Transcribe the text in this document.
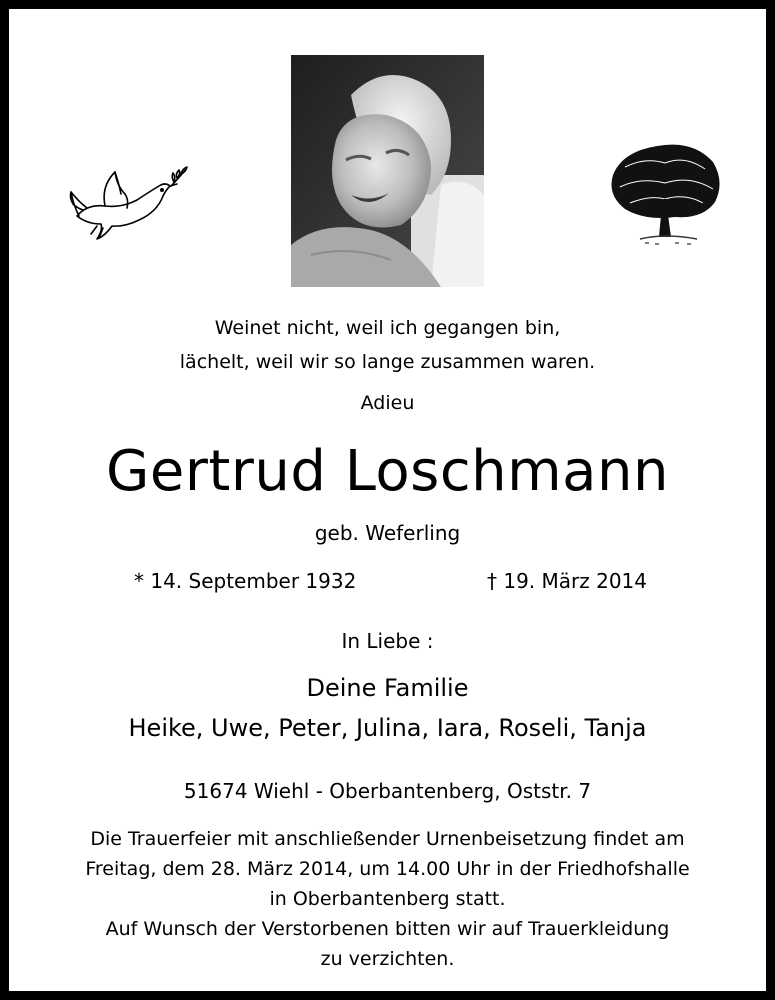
Weinet nicht, weil ich gegangen bin,
lächelt, weil wir so lange zusammen waren.
Adieu
Gertrud Loschmann
geb. Weferling
* 14. September 1932	† 19. März 2014
In Liebe :
Deine Familie
Heike, Uwe, Peter, Julina, Iara, Roseli, Tanja
51674 Wiehl - Oberbantenberg, Oststr. 7
Die Trauerfeier mit anschließender Urnenbeisetzung findet am
Freitag, dem 28. März 2014, um 14.00 Uhr in der Friedhofshalle
in Oberbantenberg statt.
Auf Wunsch der Verstorbenen bitten wir auf Trauerkleidung
zu verzichten.
